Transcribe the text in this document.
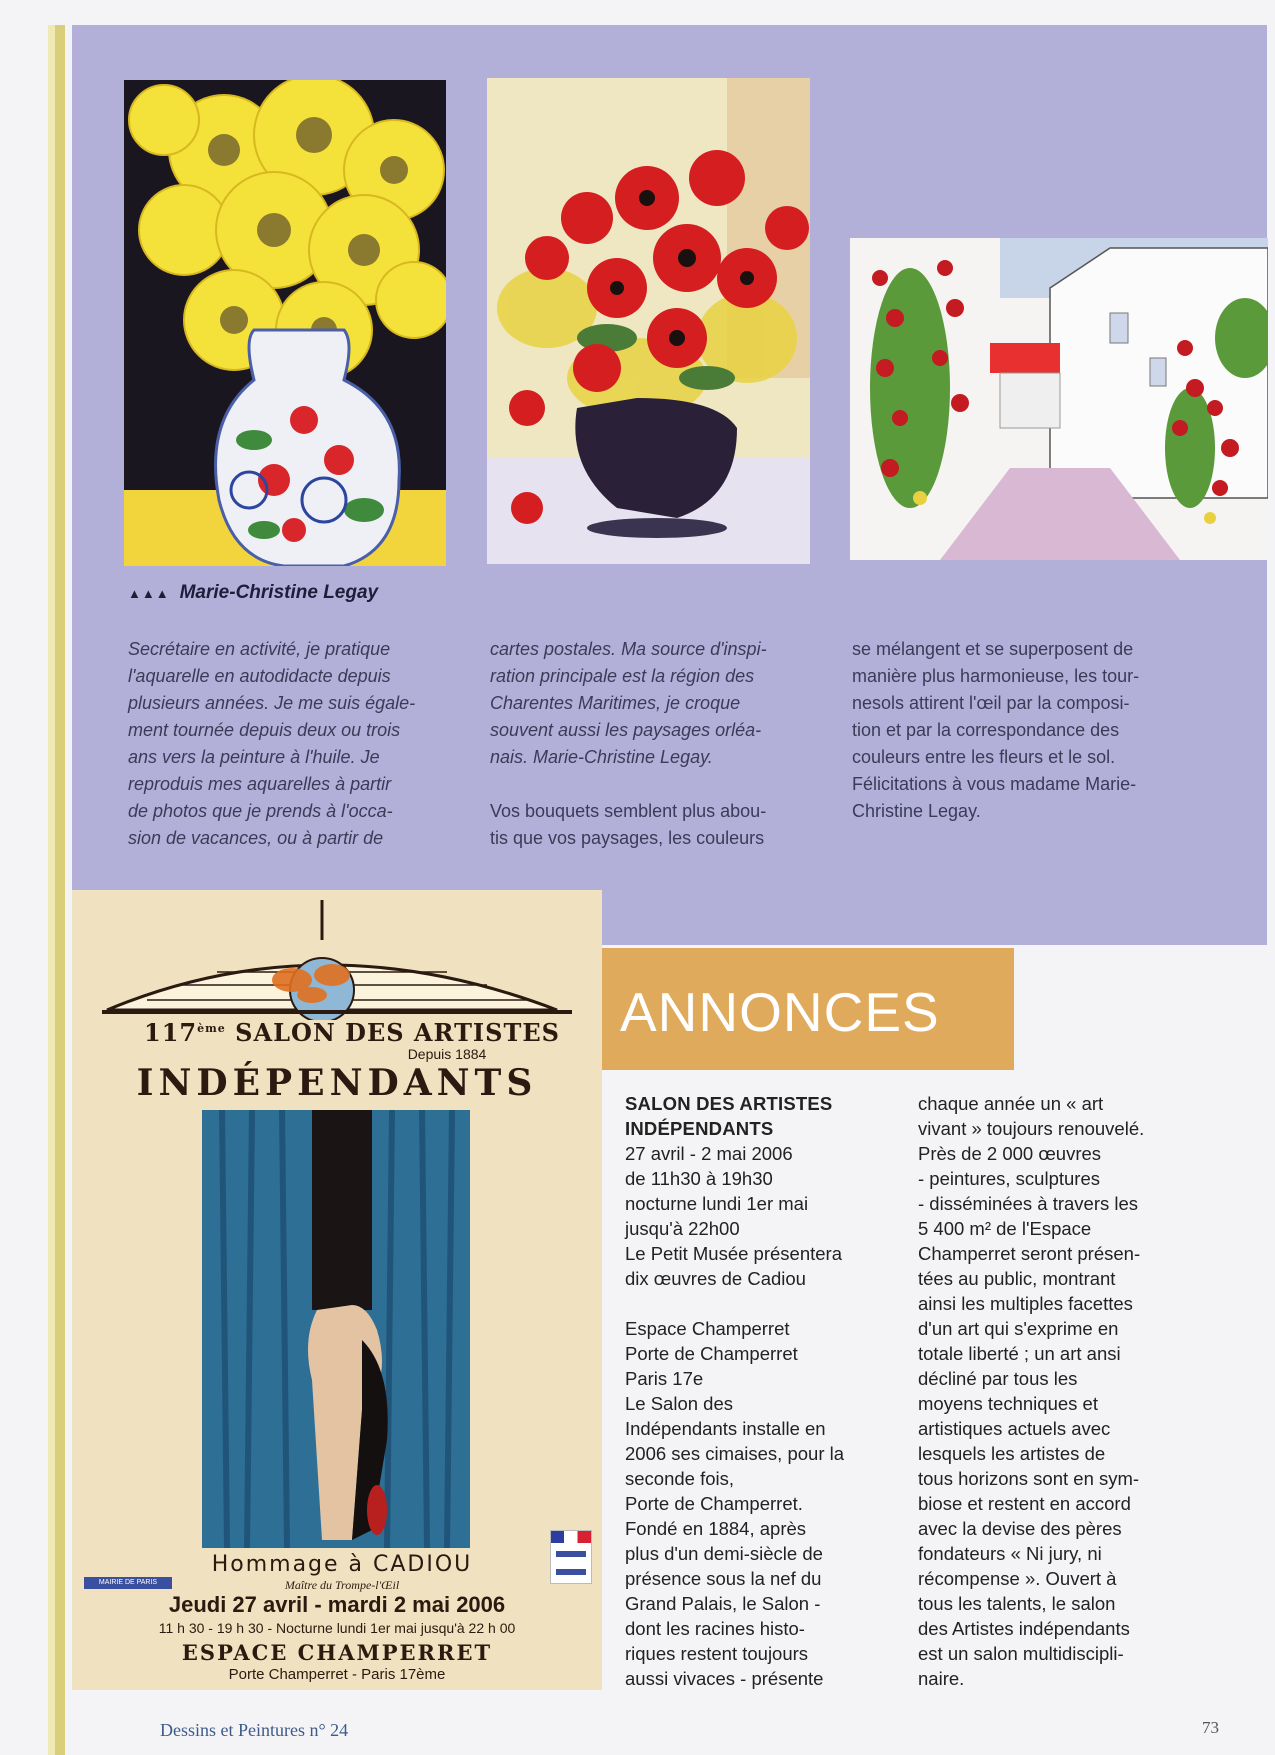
▲▲▲ Marie-Christine Legay

Secrétaire en activité, je pratique

l'aquarelle en autodidacte depuis

plusieurs années. Je me suis égale-

ment tournée depuis deux ou trois

ans vers la peinture à l'huile. Je

reproduis mes aquarelles à partir

de photos que je prends à l'occa-

sion de vacances, ou à partir de

cartes postales. Ma source d'inspi-

ration principale est la région des

Charentes Maritimes, je croque

souvent aussi les paysages orléa-

nais. Marie-Christine Legay.

Vos bouquets semblent plus abou-

tis que vos paysages, les couleurs

se mélangent et se superposent de

manière plus harmonieuse, les tour-

nesols attirent l'œil par la composi-

tion et par la correspondance des

couleurs entre les fleurs et le sol.

Félicitations à vous madame Marie-

Christine Legay.

117ème SALON DES ARTISTES
Depuis 1884
INDÉPENDANTS
Hommage à CADIOU
Maître du Trompe-l'Œil
Jeudi 27 avril - mardi 2 mai 2006
11 h 30 - 19 h 30 - Nocturne lundi 1er mai jusqu'à 22 h 00
ESPACE CHAMPERRET
Porte Champerret - Paris 17ème
MAIRIE DE PARIS
ANNONCES

SALON DES ARTISTES

INDÉPENDANTS

27 avril - 2 mai 2006

de 11h30 à 19h30

nocturne lundi 1er mai

jusqu'à 22h00

Le Petit Musée présentera

dix œuvres de Cadiou

Espace Champerret

Porte de Champerret

Paris 17e

Le Salon des

Indépendants installe en

2006 ses cimaises, pour la

seconde fois,

Porte de Champerret.

Fondé en 1884, après

plus d'un demi-siècle de

présence sous la nef du

Grand Palais, le Salon -

dont les racines histo-

riques restent toujours

aussi vivaces - présente

chaque année un « art

vivant » toujours renouvelé.

Près de 2 000 œuvres

- peintures, sculptures

- disséminées à travers les

5 400 m² de l'Espace

Champerret seront présen-

tées au public, montrant

ainsi les multiples facettes

d'un art qui s'exprime en

totale liberté ; un art ansi

décliné par tous les

moyens techniques et

artistiques actuels avec

lesquels les artistes de

tous horizons sont en sym-

biose et restent en accord

avec la devise des pères

fondateurs « Ni jury, ni

récompense ». Ouvert à

tous les talents, le salon

des Artistes indépendants

est un salon multidiscipli-

naire.

Dessins et Peintures n° 24	73
